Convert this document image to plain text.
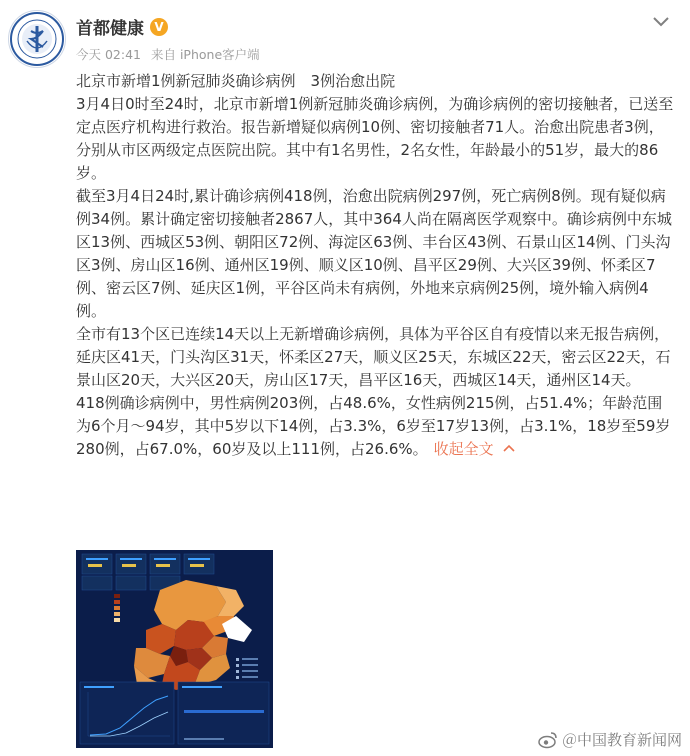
首都健康 V
今天 02:41 来自 iPhone客户端

北京市新增1例新冠肺炎确诊病例　3例治愈出院

3月4日0时至24时，北京市新增1例新冠肺炎确诊病例，为确诊病例的密切接触者，已送至定点医疗机构进行救治。报告新增疑似病例10例、密切接触者71人。治愈出院患者3例，分别从市区两级定点医院出院。其中有1名男性，2名女性，年龄最小的51岁，最大的86岁。

截至3月4日24时,累计确诊病例418例，治愈出院病例297例，死亡病例8例。现有疑似病例34例。累计确定密切接触者2867人，其中364人尚在隔离医学观察中。确诊病例中东城区13例、西城区53例、朝阳区72例、海淀区63例、丰台区43例、石景山区14例、门头沟区3例、房山区16例、通州区19例、顺义区10例、昌平区29例、大兴区39例、怀柔区7例、密云区7例、延庆区1例，平谷区尚未有病例，外地来京病例25例，境外输入病例4例。

全市有13个区已连续14天以上无新增确诊病例，具体为平谷区自有疫情以来无报告病例，延庆区41天，门头沟区31天，怀柔区27天，顺义区25天，东城区22天，密云区22天，石景山区20天，大兴区20天，房山区17天，昌平区16天，西城区14天，通州区14天。

418例确诊病例中，男性病例203例，占48.6%，女性病例215例，占51.4%；年龄范围为6个月～94岁，其中5岁以下14例，占3.3%，6岁至17岁13例，占3.1%，18岁至59岁280例，占67.0%，60岁及以上111例，占26.6%。 收起全文

＠中国教育新闻网
